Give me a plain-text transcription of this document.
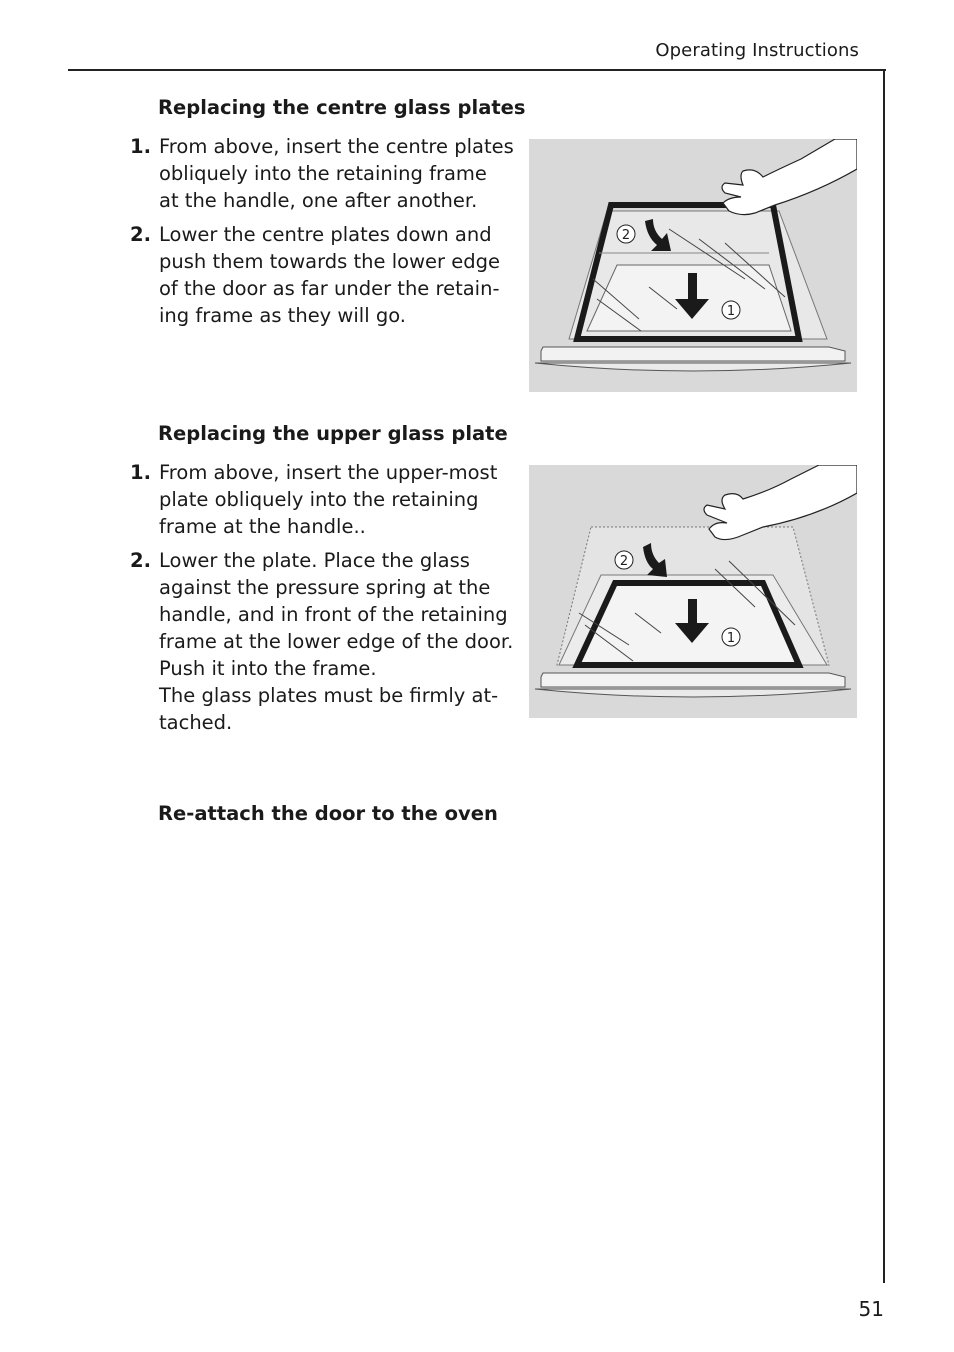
Operating Instructions
Replacing the centre glass plates
1. From above, insert the centre plates
obliquely into the retaining frame
at the handle, one after another.
2. Lower the centre plates down and
push them towards the lower edge
of the door as far under the retain-
ing frame as they will go.
2
1
Replacing the upper glass plate
1. From above, insert the upper-most
plate obliquely into the retaining
frame at the handle..
2. Lower the plate. Place the glass
against the pressure spring at the
handle, and in front of the retaining
frame at the lower edge of the door.
Push it into the frame.
The glass plates must be firmly at-
tached.
2
1
Re-attach the door to the oven
51
